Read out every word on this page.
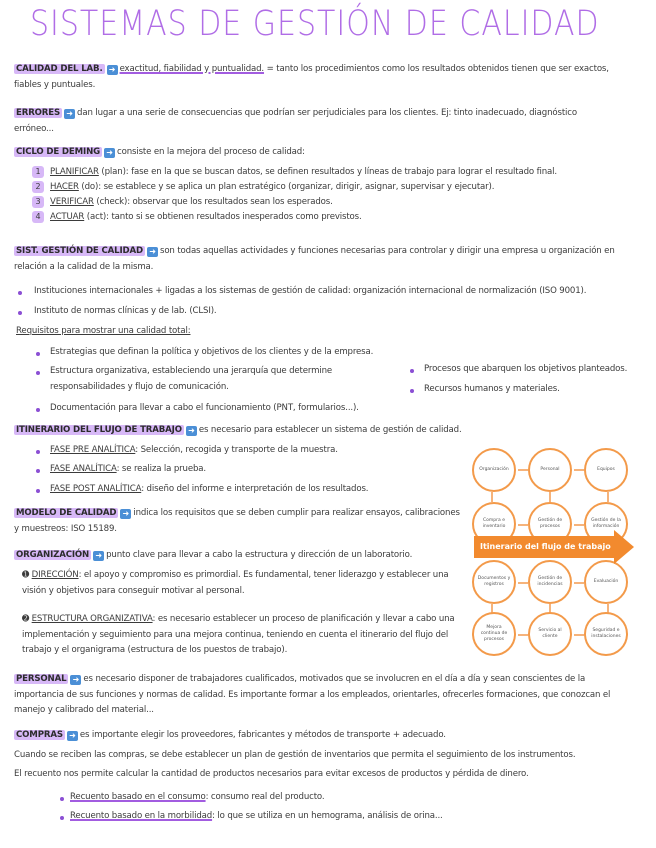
SISTEMAS DE GESTIÓN DE CALIDAD
CALIDAD DEL LAB. ➜ exactitud, fiabilidad y puntualidad. = tanto los procedimientos como los resultados obtenidos tienen que ser exactos, fiables y puntuales.
ERRORES ➜ dan lugar a una serie de consecuencias que podrían ser perjudiciales para los clientes. Ej: tinto inadecuado, diagnóstico erróneo...
CICLO DE DEMING ➜ consiste en la mejora del proceso de calidad:
1 PLANIFICAR (plan): fase en la que se buscan datos, se definen resultados y líneas de trabajo para lograr el resultado final.
2 HACER (do): se establece y se aplica un plan estratégico (organizar, dirigir, asignar, supervisar y ejecutar).
3 VERIFICAR (check): observar que los resultados sean los esperados.
4 ACTUAR (act): tanto si se obtienen resultados inesperados como previstos.
SIST. GESTIÓN DE CALIDAD ➜ son todas aquellas actividades y funciones necesarias para controlar y dirigir una empresa u organización en relación a la calidad de la misma.
Instituciones internacionales + ligadas a los sistemas de gestión de calidad: organización internacional de normalización (ISO 9001).
Instituto de normas clínicas y de lab. (CLSI).
Requisitos para mostrar una calidad total:
Estrategias que definan la política y objetivos de los clientes y de la empresa.
Estructura organizativa, estableciendo una jerarquía que determine responsabilidades y flujo de comunicación.
Documentación para llevar a cabo el funcionamiento (PNT, formularios...).
Procesos que abarquen los objetivos planteados.
Recursos humanos y materiales.
ITINERARIO DEL FLUJO DE TRABAJO ➜ es necesario para establecer un sistema de gestión de calidad.
FASE PRE ANALÍTICA: Selección, recogida y transporte de la muestra.
FASE ANALÍTICA: se realiza la prueba.
FASE POST ANALÍTICA: diseño del informe e interpretación de los resultados.
MODELO DE CALIDAD ➜ indica los requisitos que se deben cumplir para realizar ensayos, calibraciones y muestreos: ISO 15189.
ORGANIZACIÓN ➜ punto clave para llevar a cabo la estructura y dirección de un laboratorio.
➊ DIRECCIÓN: el apoyo y compromiso es primordial. Es fundamental, tener liderazgo y establecer una visión y objetivos para conseguir motivar al personal.
➋ ESTRUCTURA ORGANIZATIVA: es necesario establecer un proceso de planificación y llevar a cabo una implementación y seguimiento para una mejora continua, teniendo en cuenta el itinerario del flujo del trabajo y el organigrama (estructura de los puestos de trabajo).
PERSONAL ➜ es necesario disponer de trabajadores cualificados, motivados que se involucren en el día a día y sean conscientes de la importancia de sus funciones y normas de calidad. Es importante formar a los empleados, orientarles, ofrecerles formaciones, que conozcan el manejo y calibrado del material...
COMPRAS ➜ es importante elegir los proveedores, fabricantes y métodos de transporte + adecuado.
Cuando se reciben las compras, se debe establecer un plan de gestión de inventarios que permita el seguimiento de los instrumentos.
El recuento nos permite calcular la cantidad de productos necesarios para evitar excesos de productos y pérdida de dinero.
Recuento basado en el consumo: consumo real del producto.
Recuento basado en la morbilidad: lo que se utiliza en un hemograma, análisis de orina...
Organización	Personal	Equipos
Compra e inventario
Gestión de procesos
Gestión de la información
Documentos y registros
Gestión de incidencias
Evaluación
Mejora continua de procesos
Servicio al cliente
Seguridad e instalaciones
Itinerario del flujo de trabajo
